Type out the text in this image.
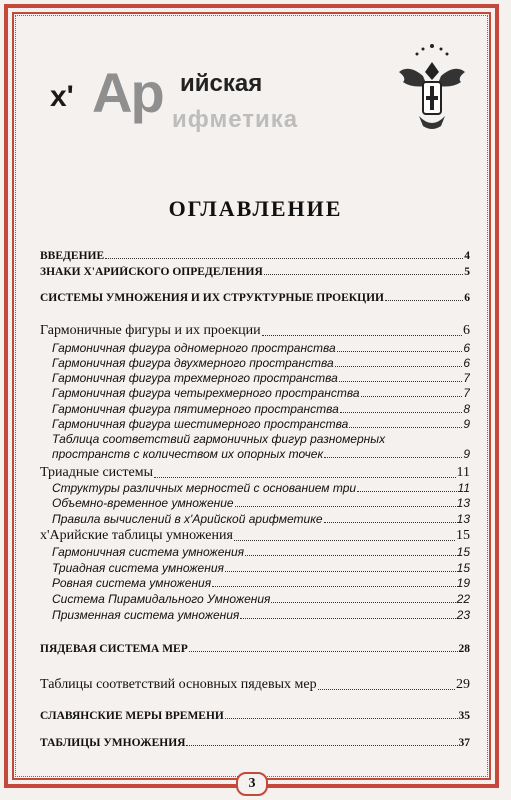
1
х' Ар ийская
ифметика
ОГЛАВЛЕНИЕ
ВВЕДЕНИЕ	4
ЗНАКИ Х'АРИЙСКОГО ОПРЕДЕЛЕНИЯ	5
СИСТЕМЫ УМНОЖЕНИЯ И ИХ СТРУКТУРНЫЕ ПРОЕКЦИИ	6
Гармоничные фигуры и их проекции	6
Гармоничная фигура одномерного пространства	6
Гармоничная фигура двухмерного пространства	6
Гармоничная фигура трехмерного пространства	7
Гармоничная фигура четырехмерного пространства	7
Гармоничная фигура пятимерного пространства	8
Гармоничная фигура шестимерного пространства	9
Таблица соответствий гармоничных фигур разномерных
пространств с количеством их опорных точек	9
Триадные системы	11
Структуры различных мерностей с основанием три	11
Объемно-временное умножение	13
Правила вычислений в х'Арийской арифметике	13
х'Арийские таблицы умножения	15
Гармоничная система умножения	15
Триадная система умножения	15
Ровная система умножения	19
Система Пирамидального Умножения	22
Призменная система умножения	23
ПЯДЕВАЯ СИСТЕМА МЕР	28
Таблицы соответствий основных пядевых мер	29
СЛАВЯНСКИЕ МЕРЫ ВРЕМЕНИ	35
ТАБЛИЦЫ УМНОЖЕНИЯ	37
3
